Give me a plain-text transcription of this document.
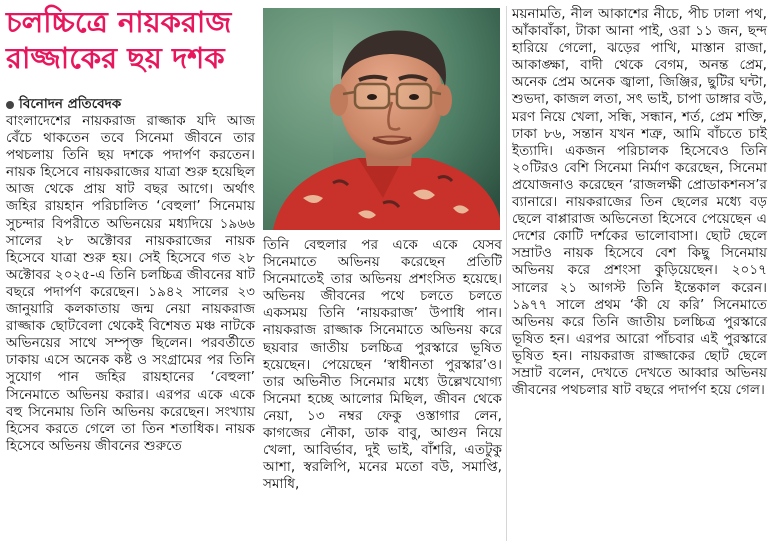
চলচ্চিত্রে নায়করাজ রাজ্জাকের ছয় দশক
বিনোদন প্রতিবেদক

বাংলাদেশের নায়করাজ রাজ্জাক যদি আজ বেঁচে থাকতেন তবে সিনেমা জীবনে তার পথচলায় তিনি ছয় দশকে পদার্পণ করতেন। নায়ক হিসেবে নায়করাজের যাত্রা শুরু হয়েছিল আজ থেকে প্রায় ষাট বছর আগে। অর্থাৎ জহির রায়হান পরিচালিত ‘বেহুলা’ সিনেমায় সুচন্দার বিপরীতে অভিনয়ের মধ্যদিয়ে ১৯৬৬ সালের ২৮ অক্টোবর নায়করাজের নায়ক হিসেবে যাত্রা শুরু হয়। সেই হিসেবে গত ২৮ অক্টোবর ২০২৫-এ তিনি চলচ্চিত্র জীবনের ষাট বছরে পদার্পণ করেছেন। ১৯৪২ সালের ২৩ জানুয়ারি কলকাতায় জন্ম নেয়া নায়করাজ রাজ্জাক ছোটবেলা থেকেই বিশেষত মঞ্চ নাটকে অভিনয়ের সাথে সম্পৃক্ত ছিলেন। পরবর্তীতে ঢাকায় এসে অনেক কষ্ট ও সংগ্রামের পর তিনি সুযোগ পান জহির রায়হানের ‘বেহুলা’ সিনেমাতে অভিনয় করার। এরপর একে একে বহু সিনেমায় তিনি অভিনয় করেছেন। সংখ্যায় হিসেব করতে গেলে তা তিন শতাধিক। নায়ক হিসেবে অভিনয় জীবনের শুরুতে

তিনি বেহুলার পর একে একে যেসব সিনেমাতে অভিনয় করেছেন প্রতিটি সিনেমাতেই তার অভিনয় প্রশংসিত হয়েছে। অভিনয় জীবনের পথে চলতে চলতে একসময় তিনি ‘নায়করাজ’ উপাধি পান। নায়করাজ রাজ্জাক সিনেমাতে অভিনয় করে ছয়বার জাতীয় চলচ্চিত্র পুরস্কারে ভূষিত হয়েছেন। পেয়েছেন ‘স্বাধীনতা পুরস্কার’ও। তার অভিনীত সিনেমার মধ্যে উল্লেখযোগ্য সিনেমা হচ্ছে আলোর মিছিল, জীবন থেকে নেয়া, ১৩ নম্বর ফেকু ওস্তাগার লেন, কাগজের নৌকা, ডাক বাবু, আগুন নিয়ে খেলা, আবির্ভাব, দুই ভাই, বাঁশরি, এতটুকু আশা, স্বরলিপি, মনের মতো বউ, সমাপ্তি, সমাধি,

ময়নামতি, নীল আকাশের নীচে, পীচ ঢালা পথ, আঁকাবাঁকা, টাকা আনা পাই, ওরা ১১ জন, ছন্দ হারিয়ে গেলো, ঝড়ের পাখি, মাস্তান রাজা, আকাঙ্ক্ষা, বাদী থেকে বেগম, অনন্ত প্রেম, অনেক প্রেম অনেক জ্বালা, জিঞ্জির, ছুটির ঘন্টা, শুভদা, কাজল লতা, সৎ ভাই, চাপা ডাঙ্গার বউ, মরণ নিয়ে খেলা, সন্ধি, সন্ধান, শর্ত, প্রেম শক্তি, ঢাকা ৮৬, সন্তান যখন শত্রু, আমি বাঁচতে চাই ইত্যাদি। একজন পরিচালক হিসেবেও তিনি ২০টিরও বেশি সিনেমা নির্মাণ করেছেন, সিনেমা প্রযোজনাও করেছেন ‘রাজলক্ষী প্রোডাকশনস’র ব্যানারে। নায়করাজের তিন ছেলের মধ্যে বড় ছেলে বাপ্পারাজ অভিনেতা হিসেবে পেয়েছেন এ দেশের কোটি দর্শকের ভালোবাসা। ছোট ছেলে সম্রাটও নায়ক হিসেবে বেশ কিছু সিনেমায় অভিনয় করে প্রশংসা কুড়িয়েছেন। ২০১৭ সালের ২১ আগস্ট তিনি ইন্তেকাল করেন। ১৯৭৭ সালে প্রথম ‘কী যে করি’ সিনেমাতে অভিনয় করে তিনি জাতীয় চলচ্চিত্র পুরস্কারে ভূষিত হন। এরপর আরো পাঁচবার এই পুরস্কারে ভূষিত হন। নায়করাজ রাজ্জাকের ছোট ছেলে সম্রাট বলেন, দেখতে দেখতে আব্বার অভিনয় জীবনের পথচলার ষাট বছরে পদার্পণ হয়ে গেল।
